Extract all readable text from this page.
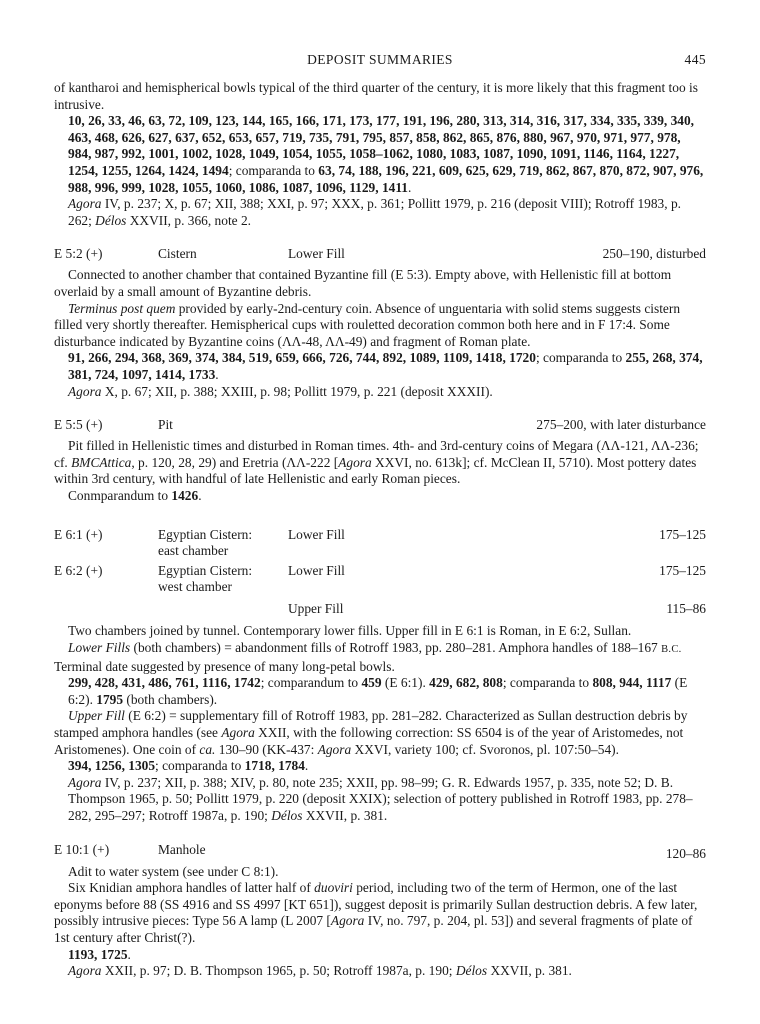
DEPOSIT SUMMARIES	445

of kantharoi and hemispherical bowls typical of the third quarter of the century, it is more likely that this fragment too is intrusive.

10, 26, 33, 46, 63, 72, 109, 123, 144, 165, 166, 171, 173, 177, 191, 196, 280, 313, 314, 316, 317, 334, 335, 339, 340, 463, 468, 626, 627, 637, 652, 653, 657, 719, 735, 791, 795, 857, 858, 862, 865, 876, 880, 967, 970, 971, 977, 978, 984, 987, 992, 1001, 1002, 1028, 1049, 1054, 1055, 1058–1062, 1080, 1083, 1087, 1090, 1091, 1146, 1164, 1227, 1254, 1255, 1264, 1424, 1494; comparanda to 63, 74, 188, 196, 221, 609, 625, 629, 719, 862, 867, 870, 872, 907, 976, 988, 996, 999, 1028, 1055, 1060, 1086, 1087, 1096, 1129, 1411.

Agora IV, p. 237; X, p. 67; XII, 388; XXI, p. 97; XXX, p. 361; Pollitt 1979, p. 216 (deposit VIII); Rotroff 1983, p. 262; Délos XXVII, p. 366, note 2.

E 5:2 (+)	Cistern	Lower Fill	250–190, disturbed

Connected to another chamber that contained Byzantine fill (E 5:3). Empty above, with Hellenistic fill at bottom overlaid by a small amount of Byzantine debris.

Terminus post quem provided by early-2nd-century coin. Absence of unguentaria with solid stems suggests cistern filled very shortly thereafter. Hemispherical cups with rouletted decoration common both here and in F 17:4. Some disturbance indicated by Byzantine coins (ΛΛ-48, ΛΛ-49) and fragment of Roman plate.

91, 266, 294, 368, 369, 374, 384, 519, 659, 666, 726, 744, 892, 1089, 1109, 1418, 1720; comparanda to 255, 268, 374, 381, 724, 1097, 1414, 1733.

Agora X, p. 67; XII, p. 388; XXIII, p. 98; Pollitt 1979, p. 221 (deposit XXXII).

E 5:5 (+)	Pit	275–200, with later disturbance

Pit filled in Hellenistic times and disturbed in Roman times. 4th- and 3rd-century coins of Megara (ΛΛ-121, ΛΛ-236; cf. BMCAttica, p. 120, 28, 29) and Eretria (ΛΛ-222 [Agora XXVI, no. 613k]; cf. McClean II, 5710). Most pottery dates within 3rd century, with handful of late Hellenistic and early Roman pieces.

Conmparandum to 1426.

E 6:1 (+)	Egyptian Cistern:
east chamber
Lower Fill	175–125
E 6:2 (+)	Egyptian Cistern:
west chamber
Lower Fill	175–125
Upper Fill	115–86

Two chambers joined by tunnel. Contemporary lower fills. Upper fill in E 6:1 is Roman, in E 6:2, Sullan.

Lower Fills (both chambers) = abandonment fills of Rotroff 1983, pp. 280–281. Amphora handles of 188–167 B.C. Terminal date suggested by presence of many long-petal bowls.

299, 428, 431, 486, 761, 1116, 1742; comparandum to 459 (E 6:1). 429, 682, 808; comparanda to 808, 944, 1117 (E 6:2). 1795 (both chambers).

Upper Fill (E 6:2) = supplementary fill of Rotroff 1983, pp. 281–282. Characterized as Sullan destruction debris by stamped amphora handles (see Agora XXII, with the following correction: SS 6504 is of the year of Aristomedes, not Aristomenes). One coin of ca. 130–90 (KK-437: Agora XXVI, variety 100; cf. Svoronos, pl. 107:50–54).

394, 1256, 1305; comparanda to 1718, 1784.

Agora IV, p. 237; XII, p. 388; XIV, p. 80, note 235; XXII, pp. 98–99; G. R. Edwards 1957, p. 335, note 52; D. B. Thompson 1965, p. 50; Pollitt 1979, p. 220 (deposit XXIX); selection of pottery published in Rotroff 1983, pp. 278–282, 295–297; Rotroff 1987a, p. 190; Délos XXVII, p. 381.

E 10:1 (+)	Manhole	120–86

Adit to water system (see under C 8:1).

Six Knidian amphora handles of latter half of duoviri period, including two of the term of Hermon, one of the last eponyms before 88 (SS 4916 and SS 4997 [KT 651]), suggest deposit is primarily Sullan destruction debris. A few later, possibly intrusive pieces: Type 56 A lamp (L 2007 [Agora IV, no. 797, p. 204, pl. 53]) and several fragments of plate of 1st century after Christ(?).

1193, 1725.

Agora XXII, p. 97; D. B. Thompson 1965, p. 50; Rotroff 1987a, p. 190; Délos XXVII, p. 381.
